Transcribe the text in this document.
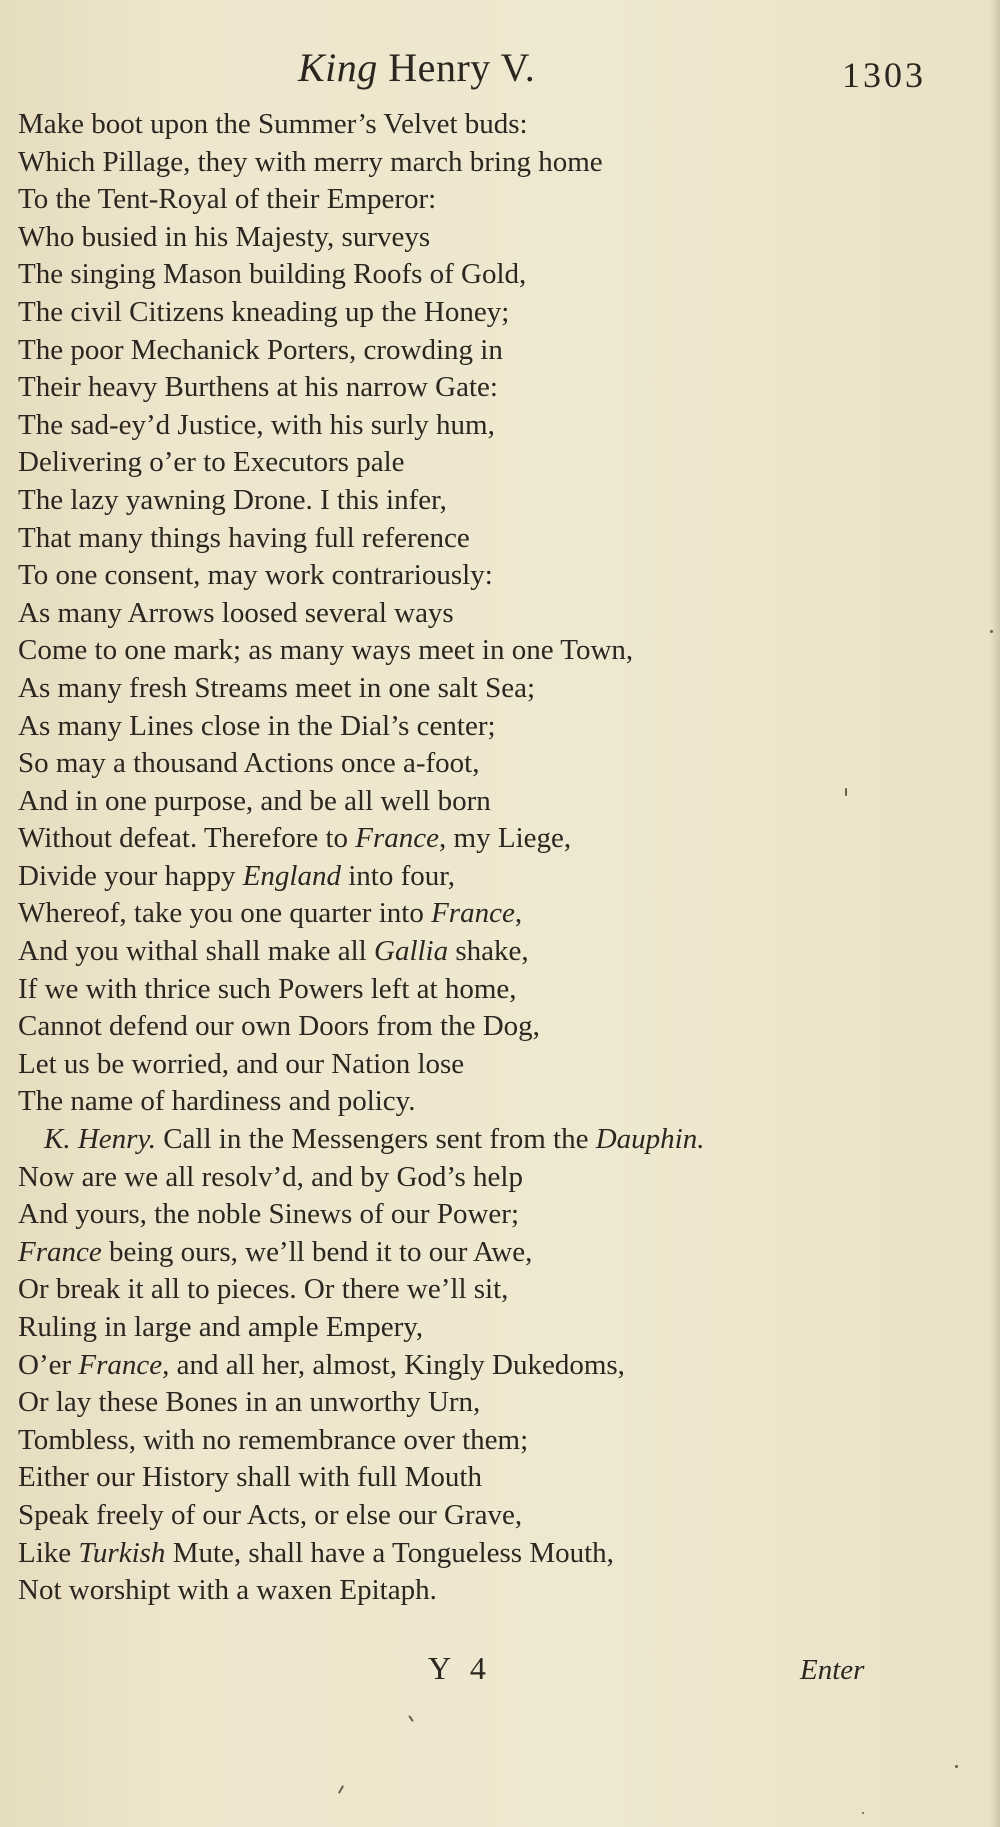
King Henry V.	1303
Make boot upon the Summer’s Velvet buds:
Which Pillage, they with merry march bring home
To the Tent-Royal of their Emperor:
Who busied in his Majesty, surveys
The singing Mason building Roofs of Gold,
The civil Citizens kneading up the Honey;
The poor Mechanick Porters, crowding in
Their heavy Burthens at his narrow Gate:
The sad-ey’d Justice, with his surly hum,
Delivering o’er to Executors pale
The lazy yawning Drone. I this infer,
That many things having full reference
To one consent, may work contrariously:
As many Arrows loosed several ways
Come to one mark; as many ways meet in one Town,
As many fresh Streams meet in one salt Sea;
As many Lines close in the Dial’s center;
So may a thousand Actions once a-foot,
And in one purpose, and be all well born
Without defeat. Therefore to France, my Liege,
Divide your happy England into four,
Whereof, take you one quarter into France,
And you withal shall make all Gallia shake,
If we with thrice such Powers left at home,
Cannot defend our own Doors from the Dog,
Let us be worried, and our Nation lose
The name of hardiness and policy.
K. Henry. Call in the Messengers sent from the Dauphin.
Now are we all resolv’d, and by God’s help
And yours, the noble Sinews of our Power;
France being ours, we’ll bend it to our Awe,
Or break it all to pieces. Or there we’ll sit,
Ruling in large and ample Empery,
O’er France, and all her, almost, Kingly Dukedoms,
Or lay these Bones in an unworthy Urn,
Tombless, with no remembrance over them;
Either our History shall with full Mouth
Speak freely of our Acts, or else our Grave,
Like Turkish Mute, shall have a Tongueless Mouth,
Not worshipt with a waxen Epitaph.
Y 4	Enter
